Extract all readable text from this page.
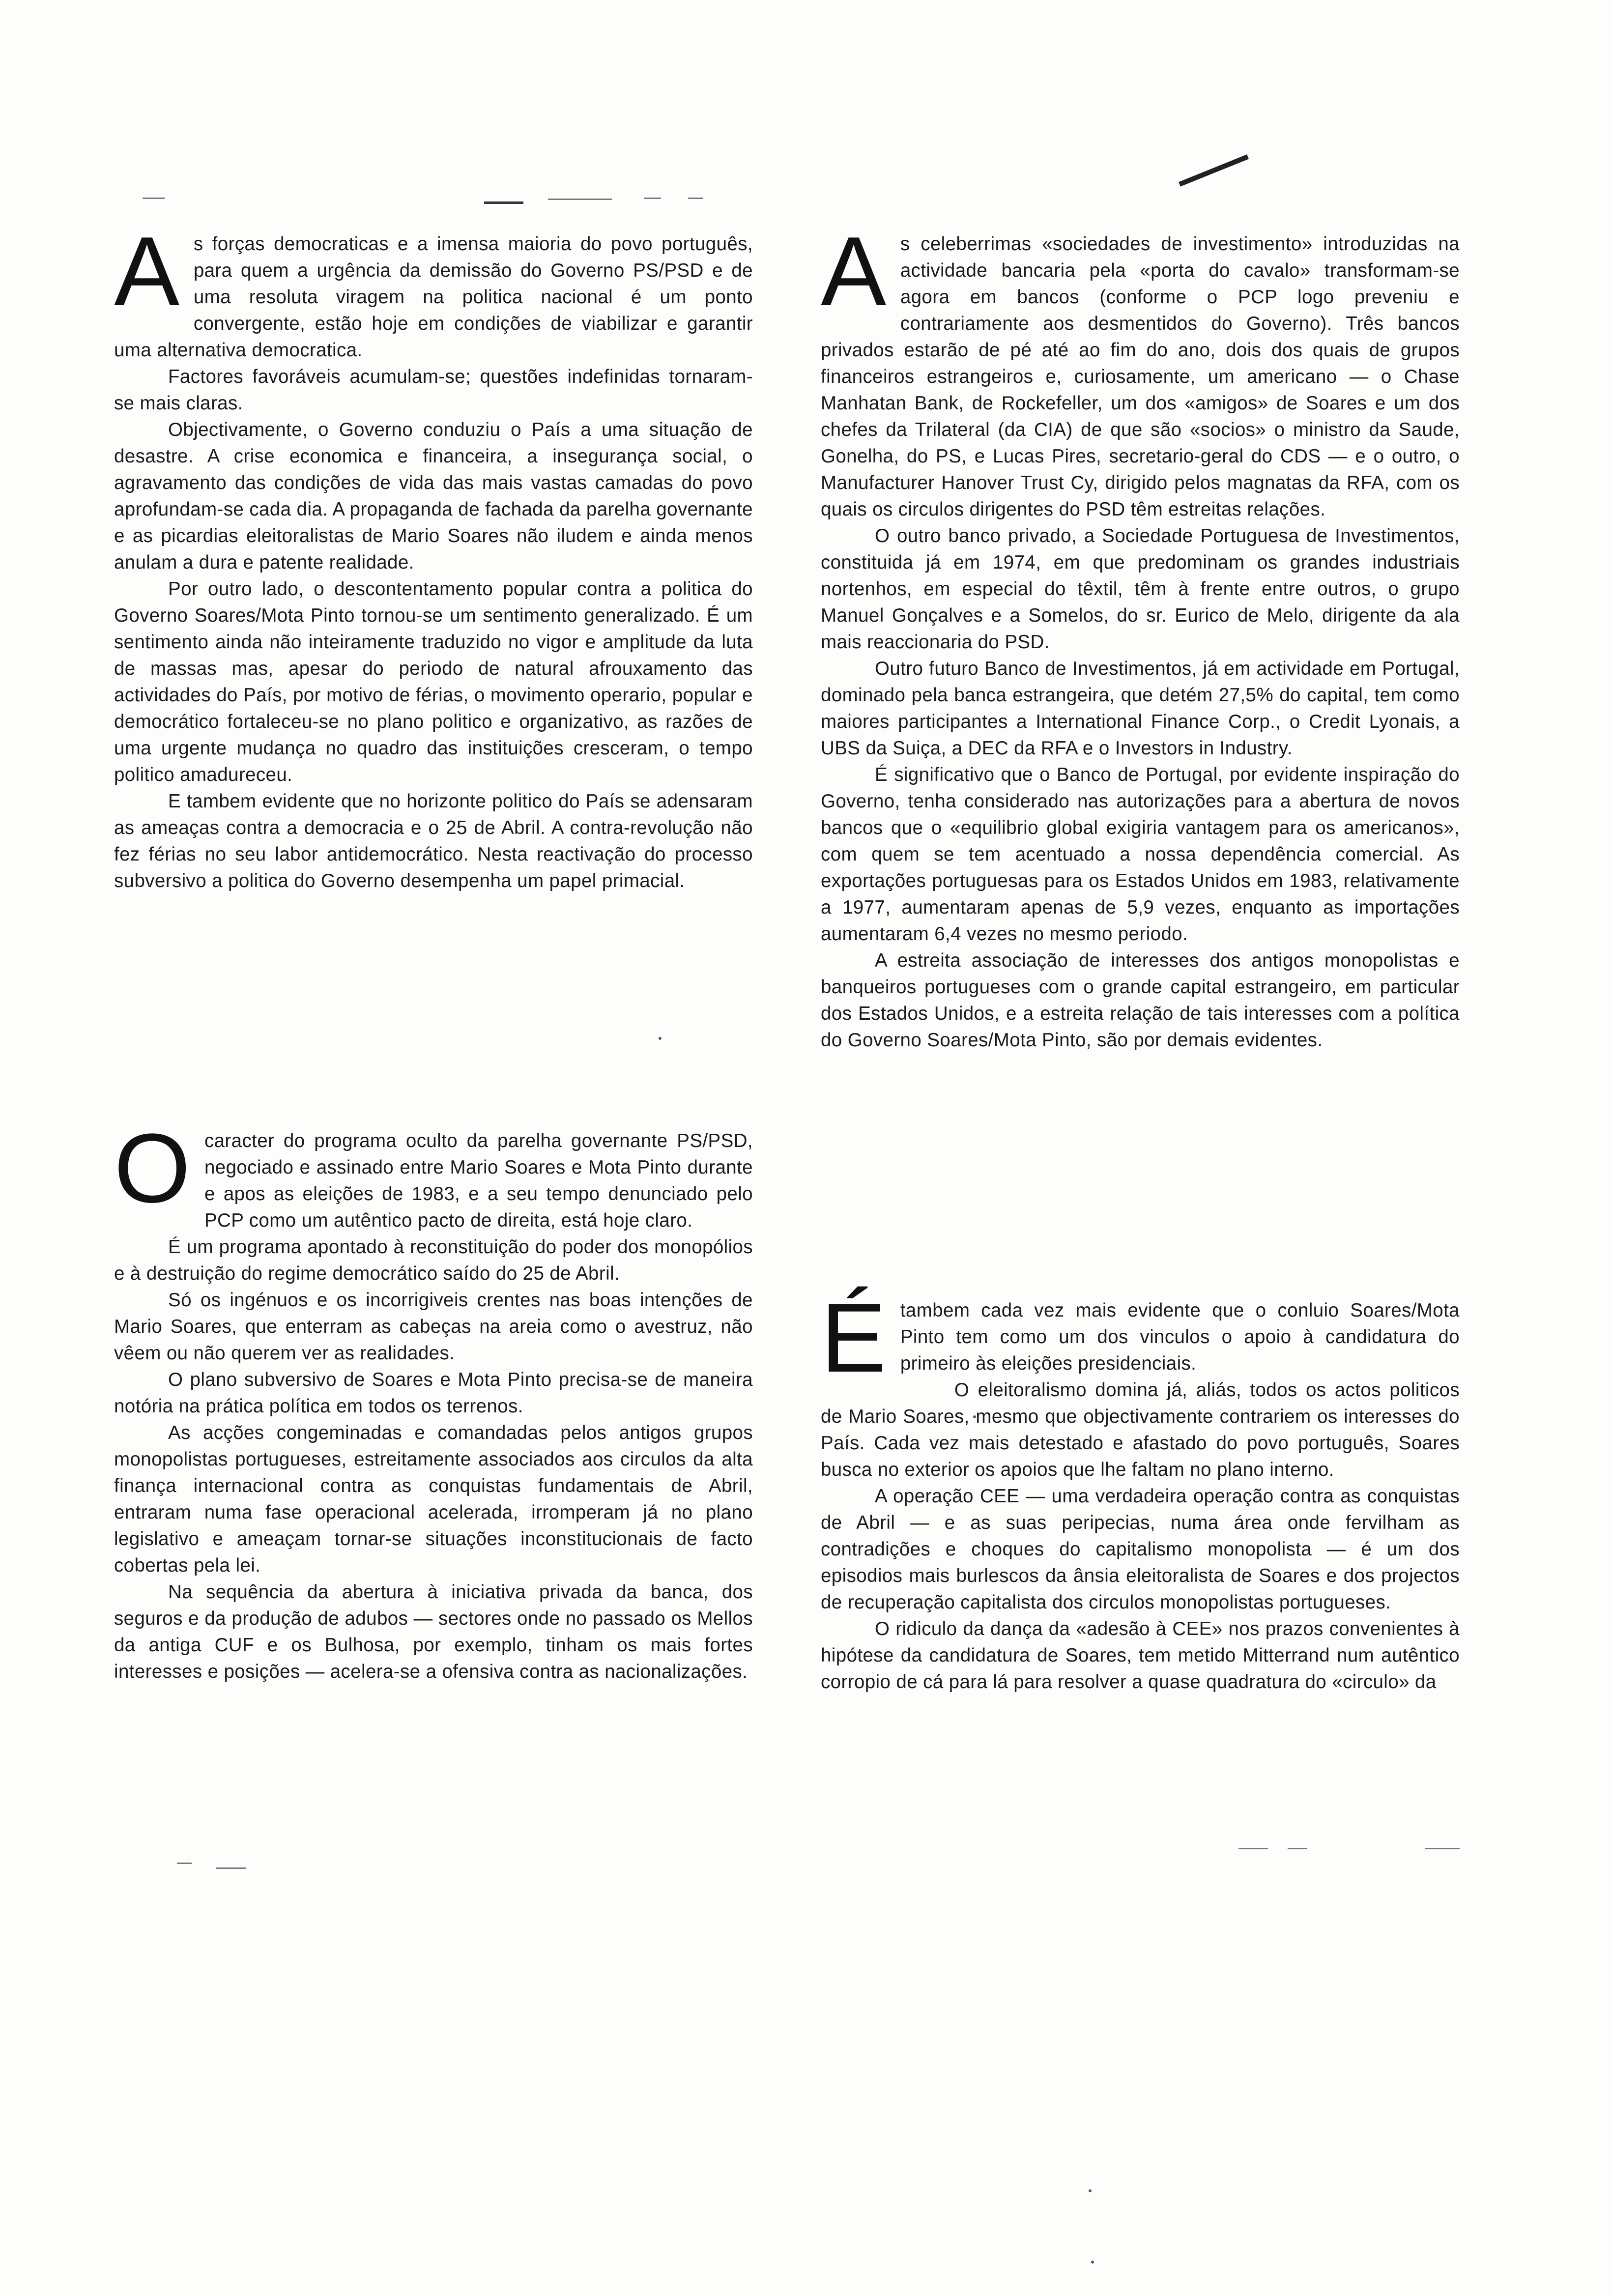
A s forças democraticas e a imensa maioria do povo português, para quem a urgência da demissão do Governo PS/PSD e de uma resoluta viragem na politica nacional é um ponto convergente, estão hoje em condições de viabilizar e garantir uma alternativa democratica.

Factores favoráveis acumulam-se; questões indefinidas tornaram-se mais claras.

Objectivamente, o Governo conduziu o País a uma situação de desastre. A crise economica e financeira, a insegurança social, o agravamento das condições de vida das mais vastas camadas do povo aprofundam-se cada dia. A propaganda de fachada da parelha governante e as picardias eleitoralistas de Mario Soares não iludem e ainda menos anulam a dura e patente realidade.

Por outro lado, o descontentamento popular contra a politica do Governo Soares/Mota Pinto tornou-se um sentimento generalizado. É um sentimento ainda não inteiramente traduzido no vigor e amplitude da luta de massas mas, apesar do periodo de natural afrouxamento das actividades do País, por motivo de férias, o movimento operario, popular e democrático fortaleceu-se no plano politico e organizativo, as razões de uma urgente mudança no quadro das instituições cresceram, o tempo politico amadureceu.

E tambem evidente que no horizonte politico do País se adensaram as ameaças contra a democracia e o 25 de Abril. A contra-revolução não fez férias no seu labor antidemocrático. Nesta reactivação do processo subversivo a politica do Governo desempenha um papel primacial.

O caracter do programa oculto da parelha governante PS/PSD, negociado e assinado entre Mario Soares e Mota Pinto durante e apos as eleições de 1983, e a seu tempo denunciado pelo PCP como um autêntico pacto de direita, está hoje claro.

É um programa apontado à reconstituição do poder dos monopólios e à destruição do regime democrático saído do 25 de Abril.

Só os ingénuos e os incorrigiveis crentes nas boas intenções de Mario Soares, que enterram as cabeças na areia como o avestruz, não vêem ou não querem ver as realidades.

O plano subversivo de Soares e Mota Pinto precisa-se de maneira notória na prática política em todos os terrenos.

As acções congeminadas e comandadas pelos antigos grupos monopolistas portugueses, estreitamente associados aos circulos da alta finança internacional contra as conquistas fundamentais de Abril, entraram numa fase operacional acelerada, irromperam já no plano legislativo e ameaçam tornar-se situações inconstitucionais de facto cobertas pela lei.

Na sequência da abertura à iniciativa privada da banca, dos seguros e da produção de adubos — sectores onde no passado os Mellos da antiga CUF e os Bulhosa, por exemplo, tinham os mais fortes interesses e posições — acelera-se a ofensiva contra as nacionalizações.

A s celeberrimas «sociedades de investimento» introduzidas na actividade bancaria pela «porta do cavalo» transformam-se agora em bancos (conforme o PCP logo preveniu e contrariamente aos desmentidos do Governo). Três bancos privados estarão de pé até ao fim do ano, dois dos quais de grupos financeiros estrangeiros e, curiosamente, um americano — o Chase Manhatan Bank, de Rockefeller, um dos «amigos» de Soares e um dos chefes da Trilateral (da CIA) de que são «socios» o ministro da Saude, Gonelha, do PS, e Lucas Pires, secretario-geral do CDS — e o outro, o Manufacturer Hanover Trust Cy, dirigido pelos magnatas da RFA, com os quais os circulos dirigentes do PSD têm estreitas relações.

O outro banco privado, a Sociedade Portuguesa de Investimentos, constituida já em 1974, em que predominam os grandes industriais nortenhos, em especial do têxtil, têm à frente entre outros, o grupo Manuel Gonçalves e a Somelos, do sr. Eurico de Melo, dirigente da ala mais reaccionaria do PSD.

Outro futuro Banco de Investimentos, já em actividade em Portugal, dominado pela banca estrangeira, que detém 27,5% do capital, tem como maiores participantes a International Finance Corp., o Credit Lyonais, a UBS da Suiça, a DEC da RFA e o Investors in Industry.

É significativo que o Banco de Portugal, por evidente inspiração do Governo, tenha considerado nas autorizações para a abertura de novos bancos que o «equilibrio global exigiria vantagem para os americanos», com quem se tem acentuado a nossa dependência comercial. As exportações portuguesas para os Estados Unidos em 1983, relativamente a 1977, aumentaram apenas de 5,9 vezes, enquanto as importações aumentaram 6,4 vezes no mesmo periodo.

A estreita associação de interesses dos antigos monopolistas e banqueiros portugueses com o grande capital estrangeiro, em particular dos Estados Unidos, e a estreita relação de tais interesses com a política do Governo Soares/Mota Pinto, são por demais evidentes.

É tambem cada vez mais evidente que o conluio Soares/Mota Pinto tem como um dos vinculos o apoio à candidatura do primeiro às eleições presidenciais.

O eleitoralismo domina já, aliás, todos os actos politicos de Mario Soares, mesmo que objectivamente contrariem os interesses do País. Cada vez mais detestado e afastado do povo português, Soares busca no exterior os apoios que lhe faltam no plano interno.

A operação CEE — uma verdadeira operação contra as conquistas de Abril — e as suas peripecias, numa área onde fervilham as contradições e choques do capitalismo monopolista — é um dos episodios mais burlescos da ânsia eleitoralista de Soares e dos projectos de recuperação capitalista dos circulos monopolistas portugueses.

O ridiculo da dança da «adesão à CEE» nos prazos convenientes à hipótese da candidatura de Soares, tem metido Mitterrand num autêntico corropio de cá para lá para resolver a quase quadratura do «circulo» da
